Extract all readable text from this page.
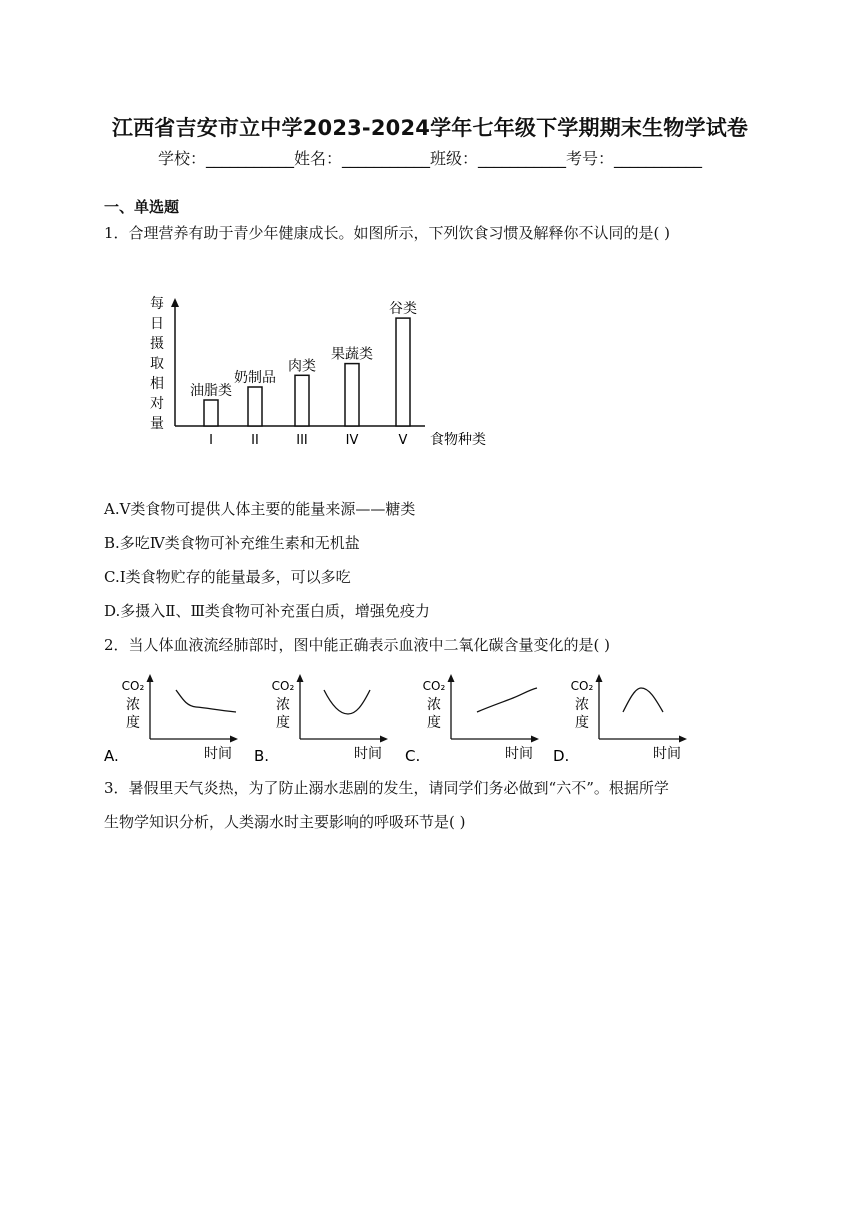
江西省吉安市立中学2023-2024学年七年级下学期期末生物学试卷
学校：___________姓名：___________班级：___________考号：___________
一、单选题
1．合理营养有助于青少年健康成长。如图所示，下列饮食习惯及解释你不认同的是( )
每
日
摄
取
相
对
量
食物种类
油脂类
I
奶制品
II
肉类
III
果蔬类
IV
谷类
V
A.Ⅴ类食物可提供人体主要的能量来源——糖类
B.多吃Ⅳ类食物可补充维生素和无机盐
C.Ⅰ类食物贮存的能量最多，可以多吃
D.多摄入Ⅱ、Ⅲ类食物可补充蛋白质，增强免疫力
2．当人体血液流经肺部时，图中能正确表示血液中二氧化碳含量变化的是( )
CO₂
浓
度
时间
A.
CO₂
浓
度
时间
B.
CO₂
浓
度
时间
C.
CO₂
浓
度
时间
D.
3．暑假里天气炎热，为了防止溺水悲剧的发生，请同学们务必做到“六不”。根据所学
生物学知识分析，人类溺水时主要影响的呼吸环节是( )
